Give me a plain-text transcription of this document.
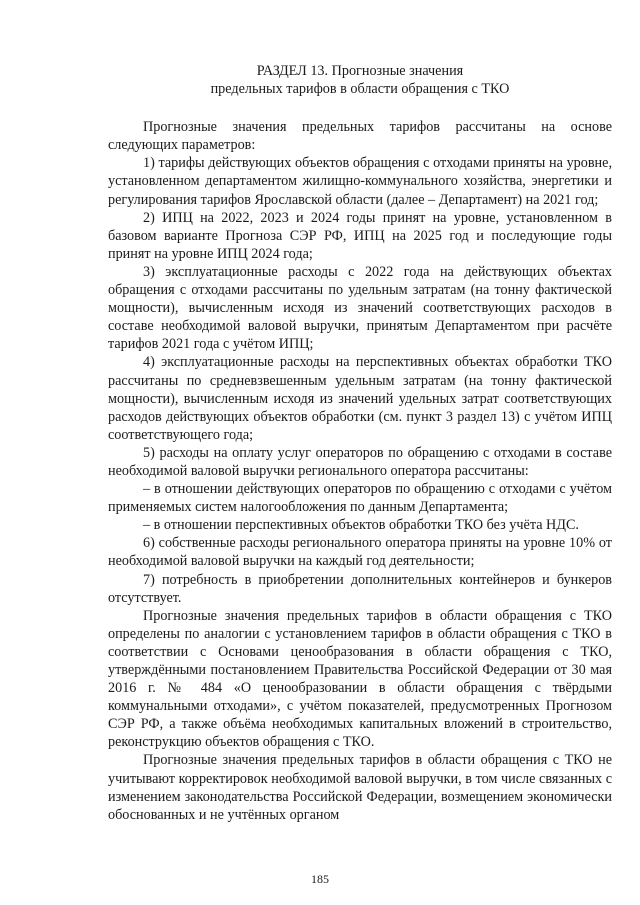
РАЗДЕЛ 13. Прогнозные значения
предельных тарифов в области обращения с ТКО

Прогнозные значения предельных тарифов рассчитаны на основе следующих параметров:

1) тарифы действующих объектов обращения с отходами приняты на уровне, установленном департаментом жилищно-коммунального хозяйства, энергетики и регулирования тарифов Ярославской области (далее – Департамент) на 2021 год;

2) ИПЦ на 2022, 2023 и 2024 годы принят на уровне, установленном в базовом варианте Прогноза СЭР РФ, ИПЦ на 2025 год и последующие годы принят на уровне ИПЦ 2024 года;

3) эксплуатационные расходы с 2022 года на действующих объектах обращения с отходами рассчитаны по удельным затратам (на тонну фактической мощности), вычисленным исходя из значений соответствующих расходов в составе необходимой валовой выручки, принятым Департаментом при расчёте тарифов 2021 года с учётом ИПЦ;

4) эксплуатационные расходы на перспективных объектах обработки ТКО рассчитаны по средневзвешенным удельным затратам (на тонну фактической мощности), вычисленным исходя из значений удельных затрат соответствующих расходов действующих объектов обработки (см. пункт 3 раздел 13) с учётом ИПЦ соответствующего года;

5) расходы на оплату услуг операторов по обращению с отходами в составе необходимой валовой выручки регионального оператора рассчитаны:

– в отношении действующих операторов по обращению с отходами с учётом применяемых систем налогообложения по данным Департамента;

– в отношении перспективных объектов обработки ТКО без учёта НДС.

6) собственные расходы регионального оператора приняты на уровне 10% от необходимой валовой выручки на каждый год деятельности;

7) потребность в приобретении дополнительных контейнеров и бункеров отсутствует.

Прогнозные значения предельных тарифов в области обращения с ТКО определены по аналогии с установлением тарифов в области обращения с ТКО в соответствии с Основами ценообразования в области обращения с ТКО, утверждёнными постановлением Правительства Российской Федерации от 30 мая 2016 г. № 484 «О ценообразовании в области обращения с твёрдыми коммунальными отходами», с учётом показателей, предусмотренных Прогнозом СЭР РФ, а также объёма необходимых капитальных вложений в строительство, реконструкцию объектов обращения с ТКО.

Прогнозные значения предельных тарифов в области обращения с ТКО не учитывают корректировок необходимой валовой выручки, в том числе связанных с изменением законодательства Российской Федерации, возмещением экономически обоснованных и не учтённых органом

185
